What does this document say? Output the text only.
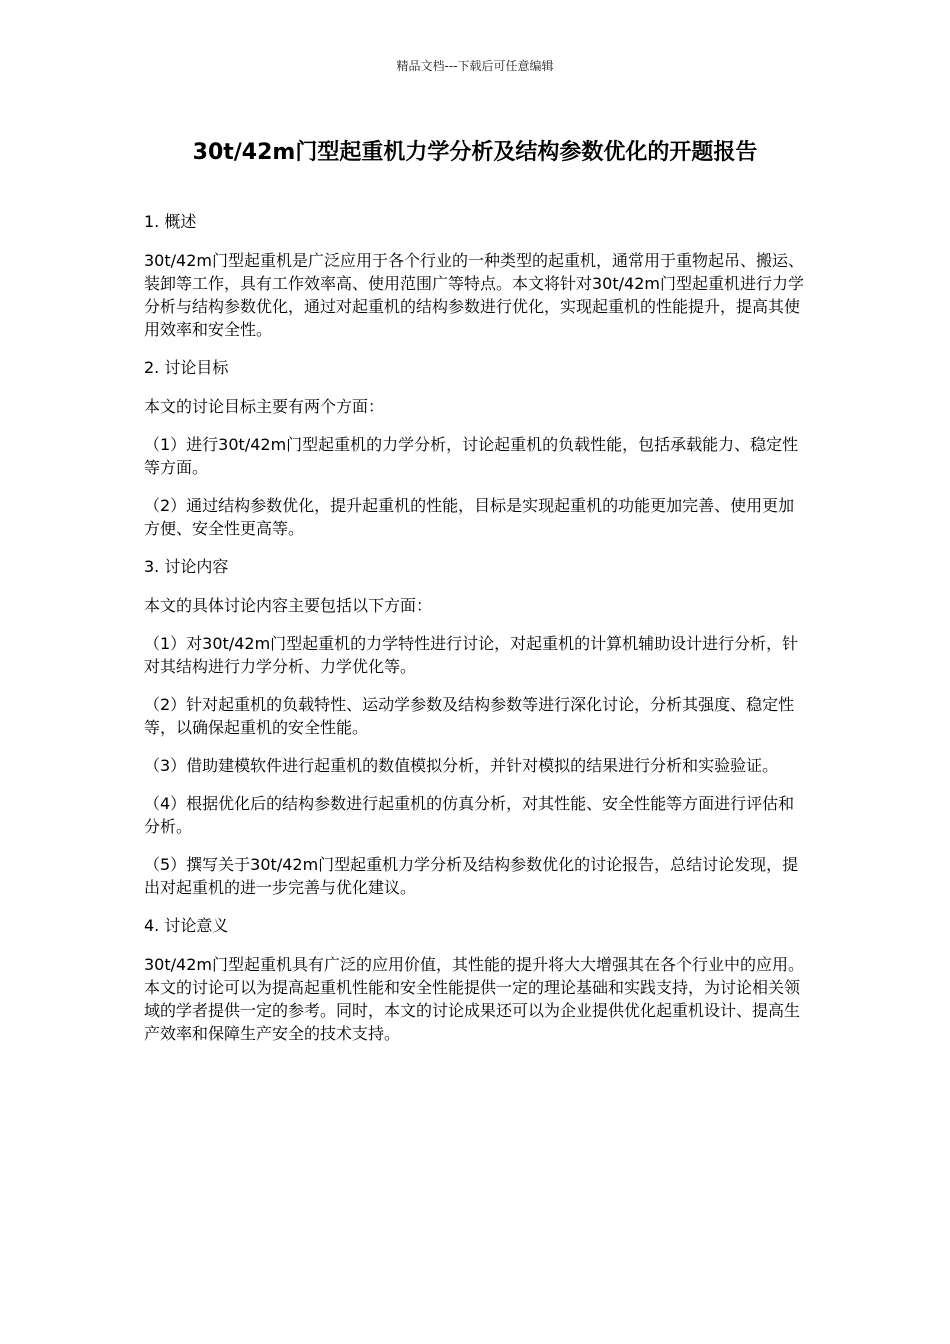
精品文档---下载后可任意编辑
30t/42m门型起重机力学分析及结构参数优化的开题报告

1. 概述

30t/42m门型起重机是广泛应用于各个行业的一种类型的起重机，通常用于重物起吊、搬运、装卸等工作，具有工作效率高、使用范围广等特点。本文将针对30t/42m门型起重机进行力学分析与结构参数优化，通过对起重机的结构参数进行优化，实现起重机的性能提升，提高其使用效率和安全性。

2. 讨论目标

本文的讨论目标主要有两个方面：

（1）进行30t/42m门型起重机的力学分析，讨论起重机的负载性能，包括承载能力、稳定性等方面。

（2）通过结构参数优化，提升起重机的性能，目标是实现起重机的功能更加完善、使用更加方便、安全性更高等。

3. 讨论内容

本文的具体讨论内容主要包括以下方面：

（1）对30t/42m门型起重机的力学特性进行讨论，对起重机的计算机辅助设计进行分析，针对其结构进行力学分析、力学优化等。

（2）针对起重机的负载特性、运动学参数及结构参数等进行深化讨论，分析其强度、稳定性等，以确保起重机的安全性能。

（3）借助建模软件进行起重机的数值模拟分析，并针对模拟的结果进行分析和实验验证。

（4）根据优化后的结构参数进行起重机的仿真分析，对其性能、安全性能等方面进行评估和分析。

（5）撰写关于30t/42m门型起重机力学分析及结构参数优化的讨论报告，总结讨论发现，提出对起重机的进一步完善与优化建议。

4. 讨论意义

30t/42m门型起重机具有广泛的应用价值，其性能的提升将大大增强其在各个行业中的应用。本文的讨论可以为提高起重机性能和安全性能提供一定的理论基础和实践支持，为讨论相关领域的学者提供一定的参考。同时，本文的讨论成果还可以为企业提供优化起重机设计、提高生产效率和保障生产安全的技术支持。
